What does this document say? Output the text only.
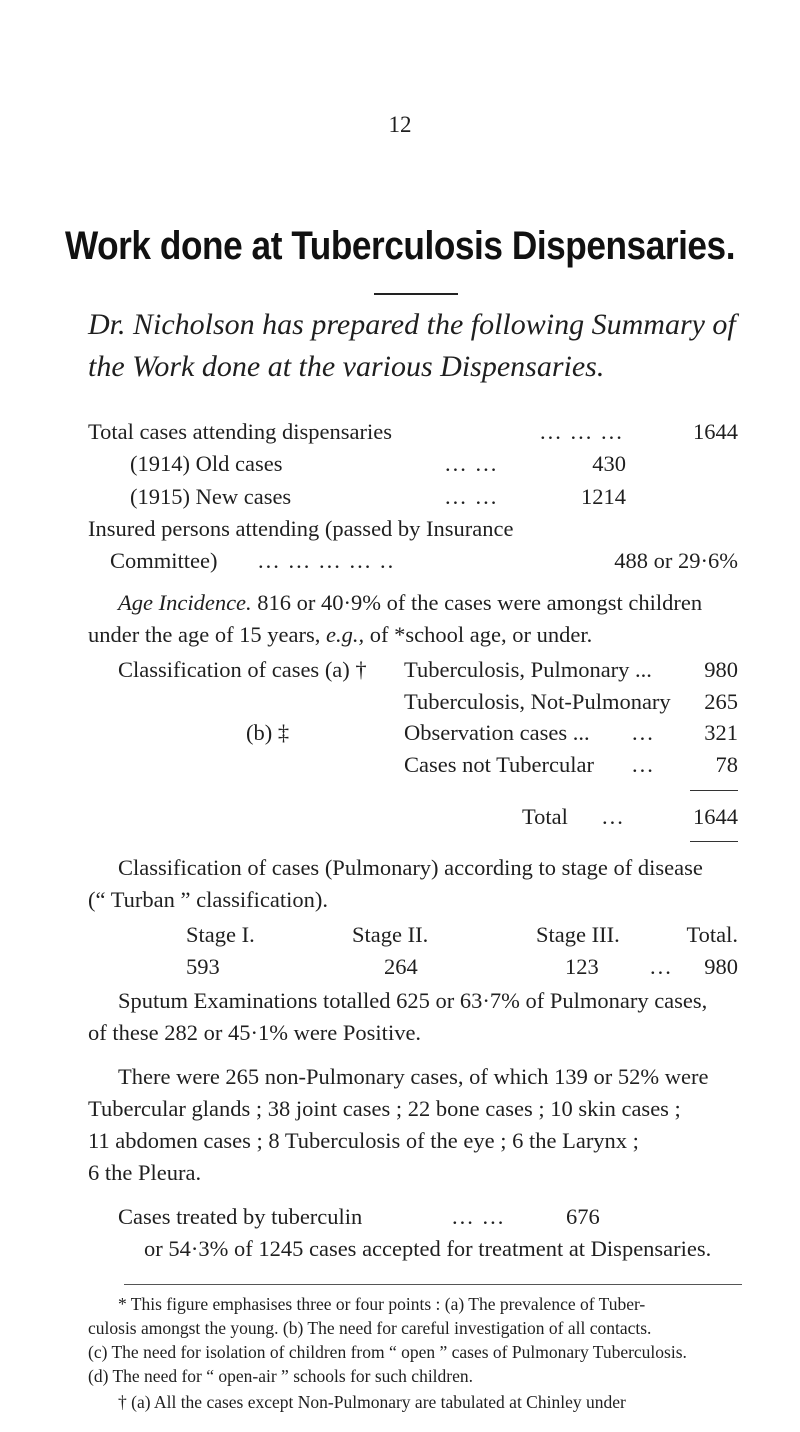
12
Work done at Tuberculosis Dispensaries.
Dr. Nicholson has prepared the following Summary of
the Work done at the various Dispensaries.
Total cases attending dispensaries	... ... ...	1644
(1914) Old cases	... ...	430
(1915) New cases	... ...	1214
Insured persons attending (passed by Insurance
Committee) ... ... ... ... ..	488 or 29·6%
Age Incidence. 816 or 40·9% of the cases were amongst children
under the age of 15 years, e.g., of *school age, or under.
Classification of cases (a) † Tuberculosis, Pulmonary ...	980
Tuberculosis, Not-Pulmonary	265
(b) ‡	Observation cases ... ...	321
Cases not Tubercular ...	78
Total ...	1644
Classification of cases (Pulmonary) according to stage of disease
(“ Turban ” classification).
Stage I.	Stage II.	Stage III.	Total.
593	264	123 ...	980
Sputum Examinations totalled 625 or 63·7% of Pulmonary cases,
of these 282 or 45·1% were Positive.
There were 265 non-Pulmonary cases, of which 139 or 52% were
Tubercular glands ; 38 joint cases ; 22 bone cases ; 10 skin cases ;
11 abdomen cases ; 8 Tuberculosis of the eye ; 6 the Larynx ;
6 the Pleura.
Cases treated by tuberculin	... ...	676
or 54·3% of 1245 cases accepted for treatment at Dispensaries.
* This figure emphasises three or four points : (a) The prevalence of Tuber-
culosis amongst the young. (b) The need for careful investigation of all contacts.
(c) The need for isolation of children from “ open ” cases of Pulmonary Tuberculosis.
(d) The need for “ open-air ” schools for such children.
† (a) All the cases except Non-Pulmonary are tabulated at Chinley under
